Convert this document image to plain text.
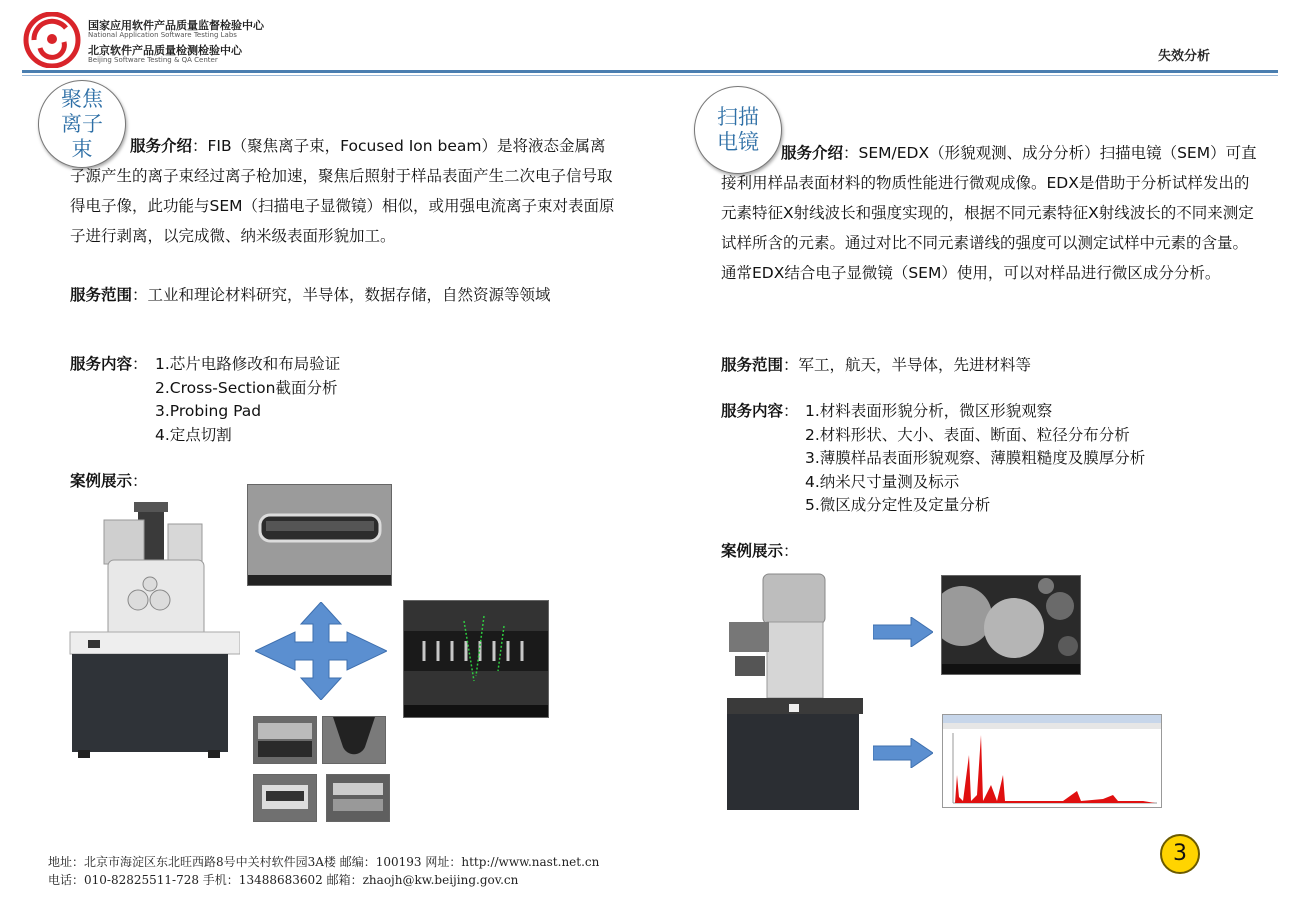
国家应用软件产品质量监督检验中心
National Application Software Testing Labs
北京软件产品质量检测检验中心
Beijing Software Testing & QA Center	失效分析
聚焦离子束	服务介绍：FIB（聚焦离子束，Focused Ion beam）是将液态金属离子源产生的离子束经过离子枪加速，聚焦后照射于样品表面产生二次电子信号取得电子像，此功能与SEM（扫描电子显微镜）相似，或用强电流离子束对表面原子进行剥离，以完成微、纳米级表面形貌加工。
服务范围：工业和理论材料研究，半导体，数据存储，自然资源等领域
服务内容： 1.芯片电路修改和布局验证
2.Cross-Section截面分析
3.Probing Pad
4.定点切割
案例展示：
扫描电镜	服务介绍：SEM/EDX（形貌观测、成分分析）扫描电镜（SEM）可直接利用样品表面材料的物质性能进行微观成像。EDX是借助于分析试样发出的元素特征X射线波长和强度实现的，根据不同元素特征X射线波长的不同来测定试样所含的元素。通过对比不同元素谱线的强度可以测定试样中元素的含量。通常EDX结合电子显微镜（SEM）使用，可以对样品进行微区成分分析。
服务范围：军工，航天，半导体，先进材料等
服务内容： 1.材料表面形貌分析，微区形貌观察
2.材料形状、大小、表面、断面、粒径分布分析
3.薄膜样品表面形貌观察、薄膜粗糙度及膜厚分析
4.纳米尺寸量测及标示
5.微区成分定性及定量分析
案例展示：
地址：北京市海淀区东北旺西路8号中关村软件园3A楼 邮编：100193 网址：http://www.nast.net.cn
电话：010-82825511-728 手机：13488683602 邮箱：zhaojh@kw.beijing.gov.cn
3
